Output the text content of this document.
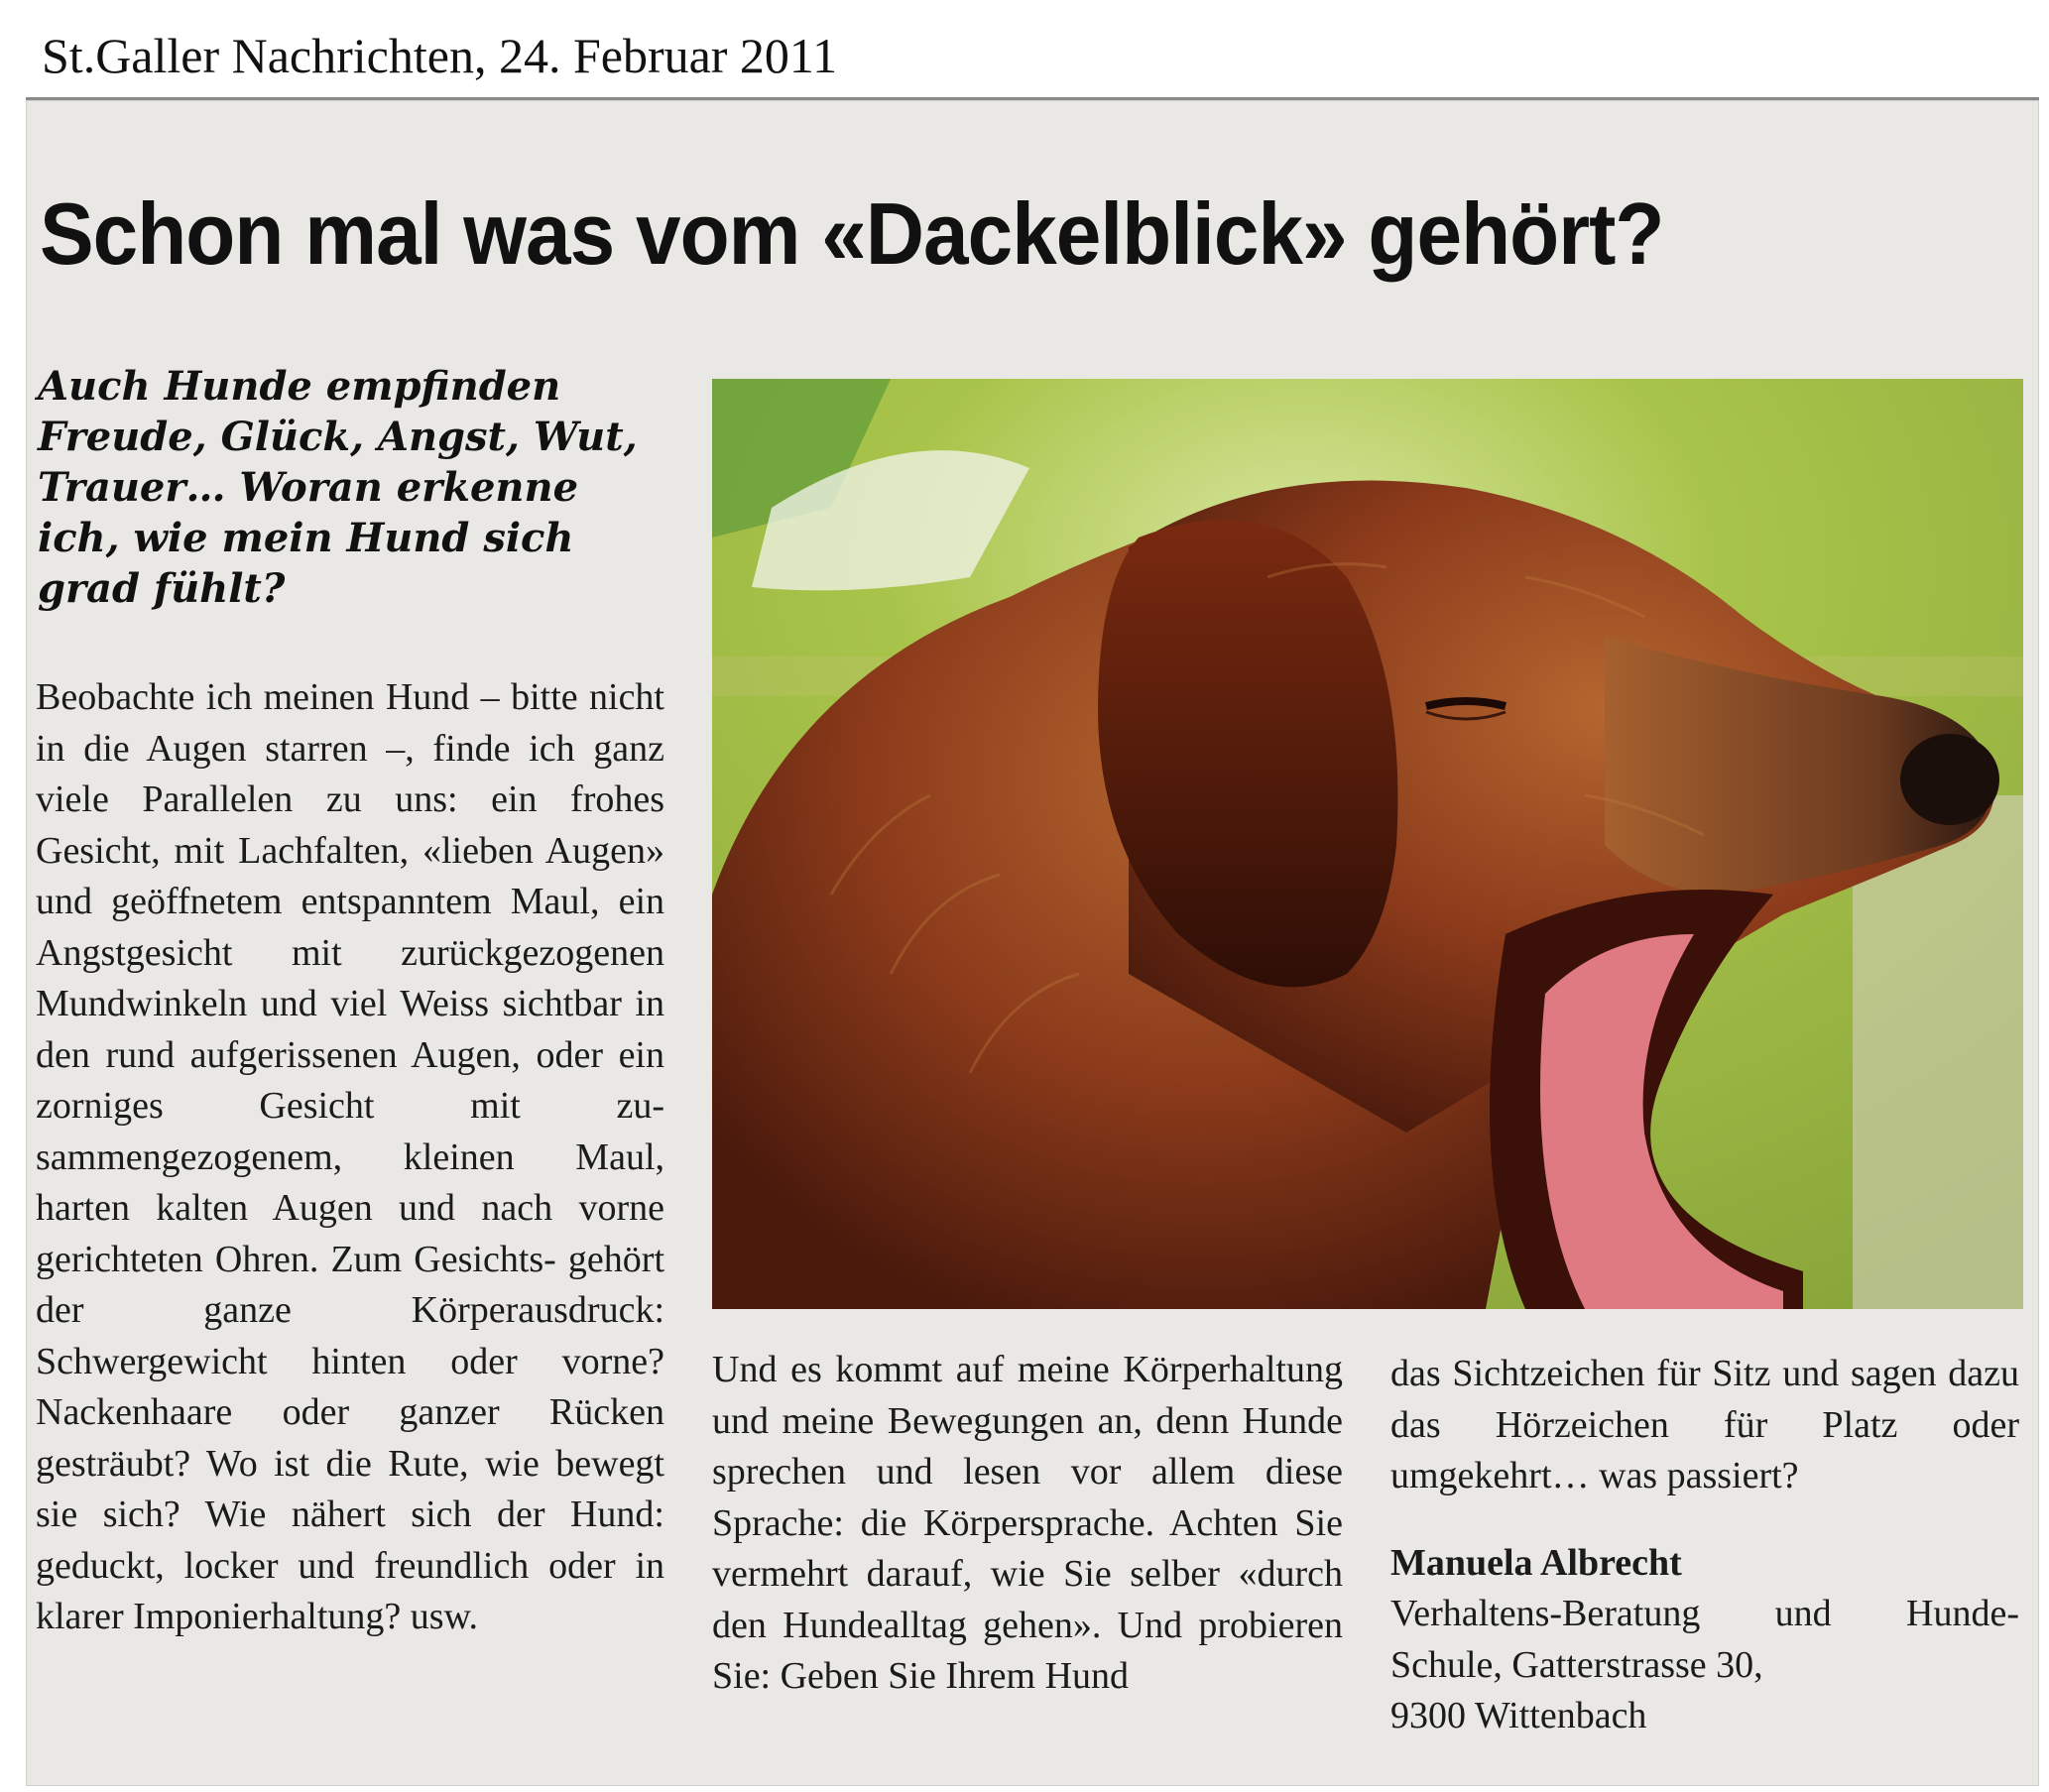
St.Galler Nachrichten, 24. Februar 2011
Schon mal was vom «Dackelblick» gehört?
Auch Hunde empfinden Freude, Glück, Angst, Wut, Trauer… Woran erkenne ich, wie mein Hund sich grad fühlt?

Beobachte ich meinen Hund – bitte nicht in die Augen starren –, finde ich ganz viele Parallelen zu uns: ein frohes Gesicht, mit Lachfalten, «lieben Augen» und geöffnetem entspanntem Maul, ein Angstgesicht mit zurückgezogenen Mundwinkeln und viel Weiss sichtbar in den rund aufgerissenen Augen, oder ein zorniges Gesicht mit zusammengezogenem, kleinen Maul, harten kalten Augen und nach vorne gerichteten Ohren. Zum Gesichts- gehört der ganze Körperausdruck: Schwergewicht hinten oder vorne? Nackenhaare oder ganzer Rücken gesträubt? Wo ist die Rute, wie bewegt sie sich? Wie nähert sich der Hund: geduckt, locker und freundlich oder in klarer Imponierhaltung? usw.

Und es kommt auf meine Körperhaltung und meine Bewegungen an, denn Hunde sprechen und lesen vor allem diese Sprache: die Körpersprache. Achten Sie vermehrt darauf, wie Sie selber «durch den Hundealltag gehen». Und probieren Sie: Geben Sie Ihrem Hund

das Sichtzeichen für Sitz und sagen dazu das Hörzeichen für Platz oder umgekehrt… was passiert?

Manuela Albrecht
Verhaltens-Beratung und Hunde-
Schule, Gatterstrasse 30,
9300 Wittenbach
